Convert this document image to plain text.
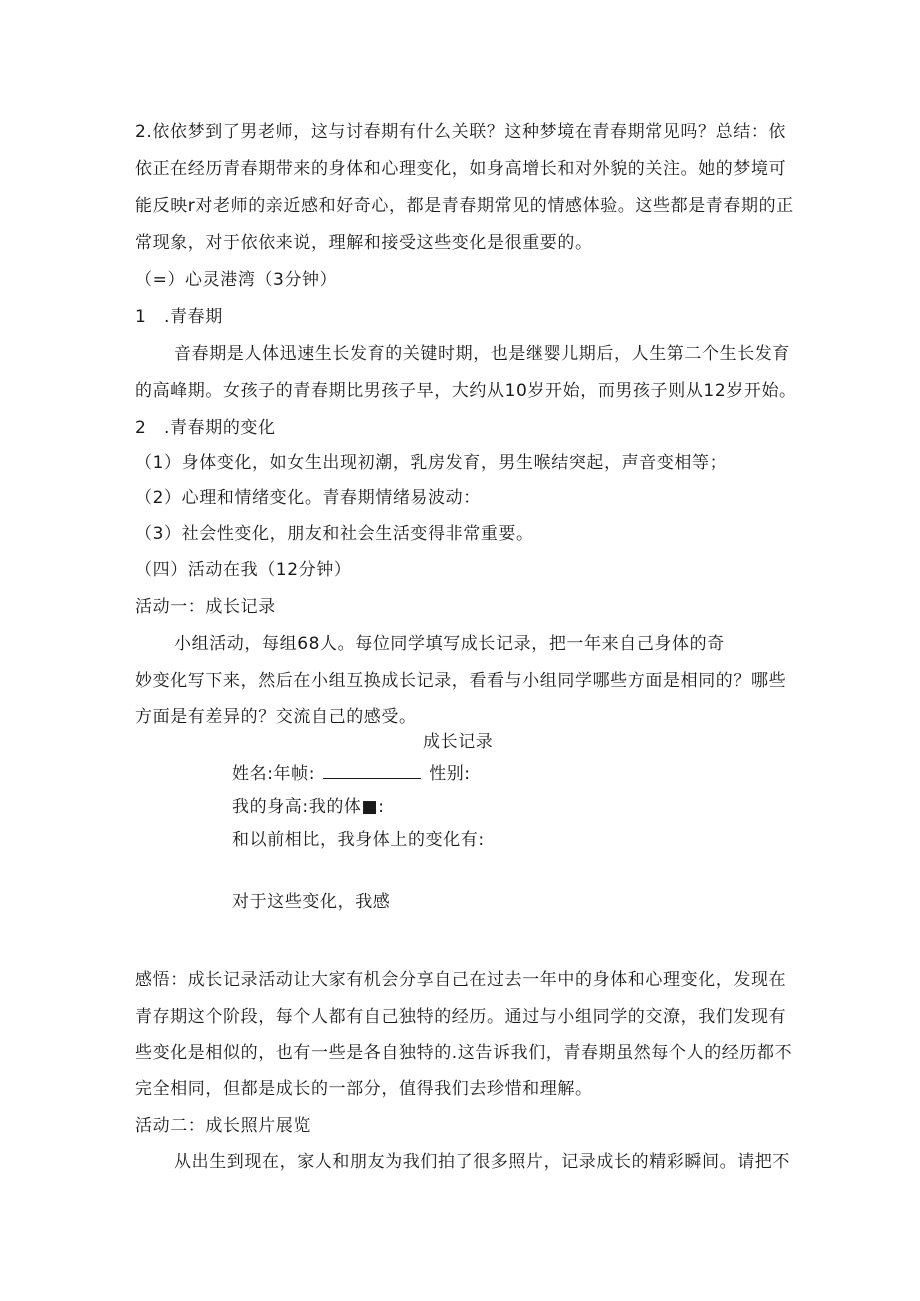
2.依依梦到了男老师，这与讨春期有什么关联？这种梦境在青春期常见吗？总结：依
依正在经历青春期带来的身体和心理变化，如身高增长和对外貌的关注。她的梦境可
能反映r对老师的亲近感和好奇心，都是青春期常见的情感体验。这些都是青春期的正
常现象，对于依依来说，理解和接受这些变化是很重要的。
（=）心灵港湾（3分钟）
1　.青春期
音春期是人体迅速生长发育的关键时期，也是继婴儿期后，人生第二个生长发育
的高峰期。女孩子的青春期比男孩子早，大约从10岁开始，而男孩子则从12岁开始。
2　.青春期的变化
（1）身体变化，如女生出现初潮，乳房发育，男生喉结突起，声音变相等；
（2）心理和情绪变化。青春期情绪易波动：
（3）社会性变化，朋友和社会生活变得非常重要。
（四）活动在我（12分钟）
活动一：成长记录
小组活动，每组68人。每位同学填写成长记录，把一年来自己身体的奇
妙变化写下来，然后在小组互换成长记录，看看与小组同学哪些方面是相同的？哪些
方面是有差异的？交流自己的感受。
成长记录
姓名:年帧:	性别:
我的身高:我的体■:
和以前相比，我身体上的变化有:
对于这些变化，我感
感悟：成长记录活动让大家有机会分享自己在过去一年中的身体和心理变化，发现在
青存期这个阶段，每个人都有自己独特的经历。通过与小组同学的交潦，我们发现有
些变化是相似的，也有一些是各自独特的.这告诉我们，青春期虽然每个人的经历都不
完全相同，但都是成长的一部分，值得我们去珍惜和理解。
活动二：成长照片展览
从出生到现在，家人和朋友为我们拍了很多照片，记录成长的精彩瞬间。请把不
